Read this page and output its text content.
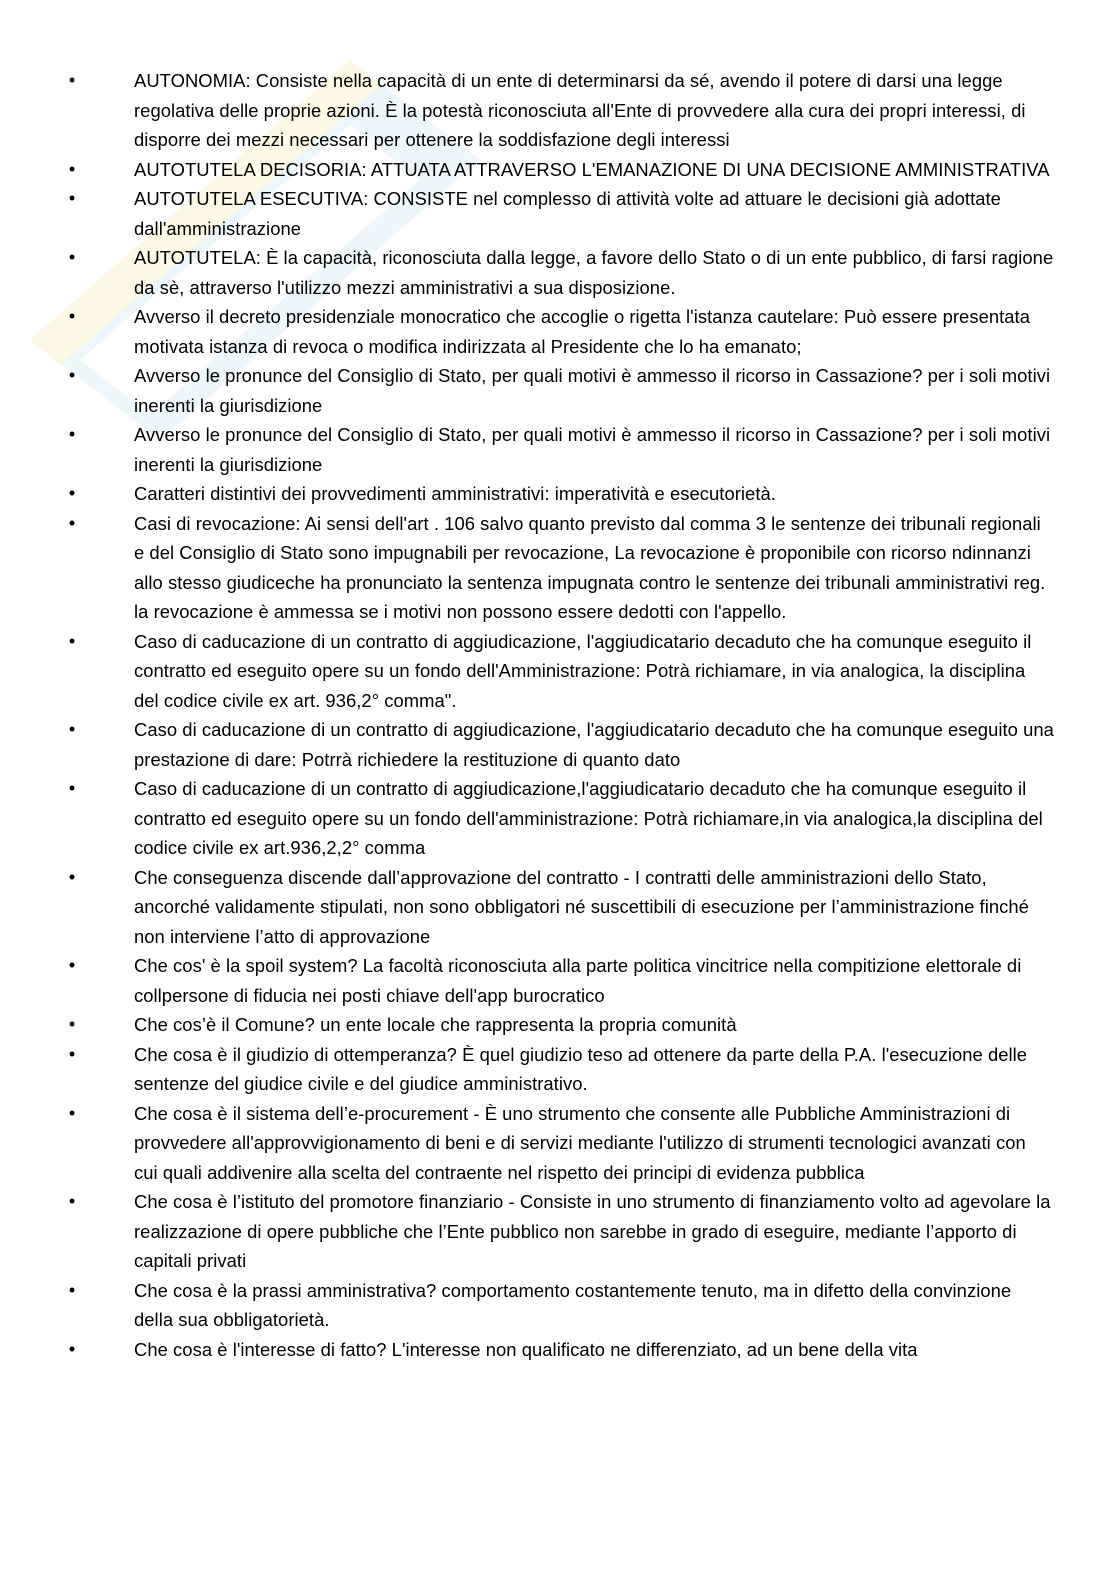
•	AUTONOMIA: Consiste nella capacità di un ente di determinarsi da sé, avendo il potere di darsi una legge regolativa delle proprie azioni. È la potestà riconosciuta all'Ente di provvedere alla cura dei propri interessi, di disporre dei mezzi necessari per ottenere la soddisfazione degli interessi
•	AUTOTUTELA DECISORIA: ATTUATA ATTRAVERSO L'EMANAZIONE DI UNA DECISIONE AMMINISTRATIVA
•	AUTOTUTELA ESECUTIVA: CONSISTE nel complesso di attività volte ad attuare le decisioni già adottate dall'amministrazione
•	AUTOTUTELA: È la capacità, riconosciuta dalla legge, a favore dello Stato o di un ente pubblico, di farsi ragione da sè, attraverso l'utilizzo mezzi amministrativi a sua disposizione.
•	Avverso il decreto presidenziale monocratico che accoglie o rigetta l'istanza cautelare: Può essere presentata motivata istanza di revoca o modifica indirizzata al Presidente che lo ha emanato;
•	Avverso le pronunce del Consiglio di Stato, per quali motivi è ammesso il ricorso in Cassazione? per i soli motivi inerenti la giurisdizione
•	Avverso le pronunce del Consiglio di Stato, per quali motivi è ammesso il ricorso in Cassazione? per i soli motivi inerenti la giurisdizione
•	Caratteri distintivi dei provvedimenti amministrativi: imperatività e esecutorietà.
•	Casi di revocazione: Ai sensi dell'art . 106 salvo quanto previsto dal comma 3 le sentenze dei tribunali regionali e del Consiglio di Stato sono impugnabili per revocazione, La revocazione è proponibile con ricorso ndinnanzi allo stesso giudiceche ha pronunciato la sentenza impugnata contro le sentenze dei tribunali amministrativi reg. la revocazione è ammessa se i motivi non possono essere dedotti con l'appello.
•	Caso di caducazione di un contratto di aggiudicazione, l'aggiudicatario decaduto che ha comunque eseguito il contratto ed eseguito opere su un fondo dell'Amministrazione: Potrà richiamare, in via analogica, la disciplina del codice civile ex art. 936,2° comma".
•	Caso di caducazione di un contratto di aggiudicazione, l'aggiudicatario decaduto che ha comunque eseguito una prestazione di dare: Potrrà richiedere la restituzione di quanto dato
•	Caso di caducazione di un contratto di aggiudicazione,l'aggiudicatario decaduto che ha comunque eseguito il contratto ed eseguito opere su un fondo dell'amministrazione: Potrà richiamare,in via analogica,la disciplina del codice civile ex art.936,2,2° comma
•	Che conseguenza discende dall’approvazione del contratto - I contratti delle amministrazioni dello Stato, ancorché validamente stipulati, non sono obbligatori né suscettibili di esecuzione per l’amministrazione finché non interviene l’atto di approvazione
•	Che cos' è la spoil system? La facoltà riconosciuta alla parte politica vincitrice nella compitizione elettorale di collpersone di fiducia nei posti chiave dell'app burocratico
•	Che cos’è il Comune? un ente locale che rappresenta la propria comunità
•	Che cosa è il giudizio di ottemperanza? È quel giudizio teso ad ottenere da parte della P.A. l'esecuzione delle sentenze del giudice civile e del giudice amministrativo.
•	Che cosa è il sistema dell’e-procurement - È uno strumento che consente alle Pubbliche Amministrazioni di provvedere all'approvvigionamento di beni e di servizi mediante l'utilizzo di strumenti tecnologici avanzati con cui quali addivenire alla scelta del contraente nel rispetto dei principi di evidenza pubblica
•	Che cosa è l’istituto del promotore finanziario - Consiste in uno strumento di finanziamento volto ad agevolare la realizzazione di opere pubbliche che l’Ente pubblico non sarebbe in grado di eseguire, mediante l’apporto di capitali privati
•	Che cosa è la prassi amministrativa? comportamento costantemente tenuto, ma in difetto della convinzione della sua obbligatorietà.
•	Che cosa è l'interesse di fatto? L'interesse non qualificato ne differenziato, ad un bene della vita
